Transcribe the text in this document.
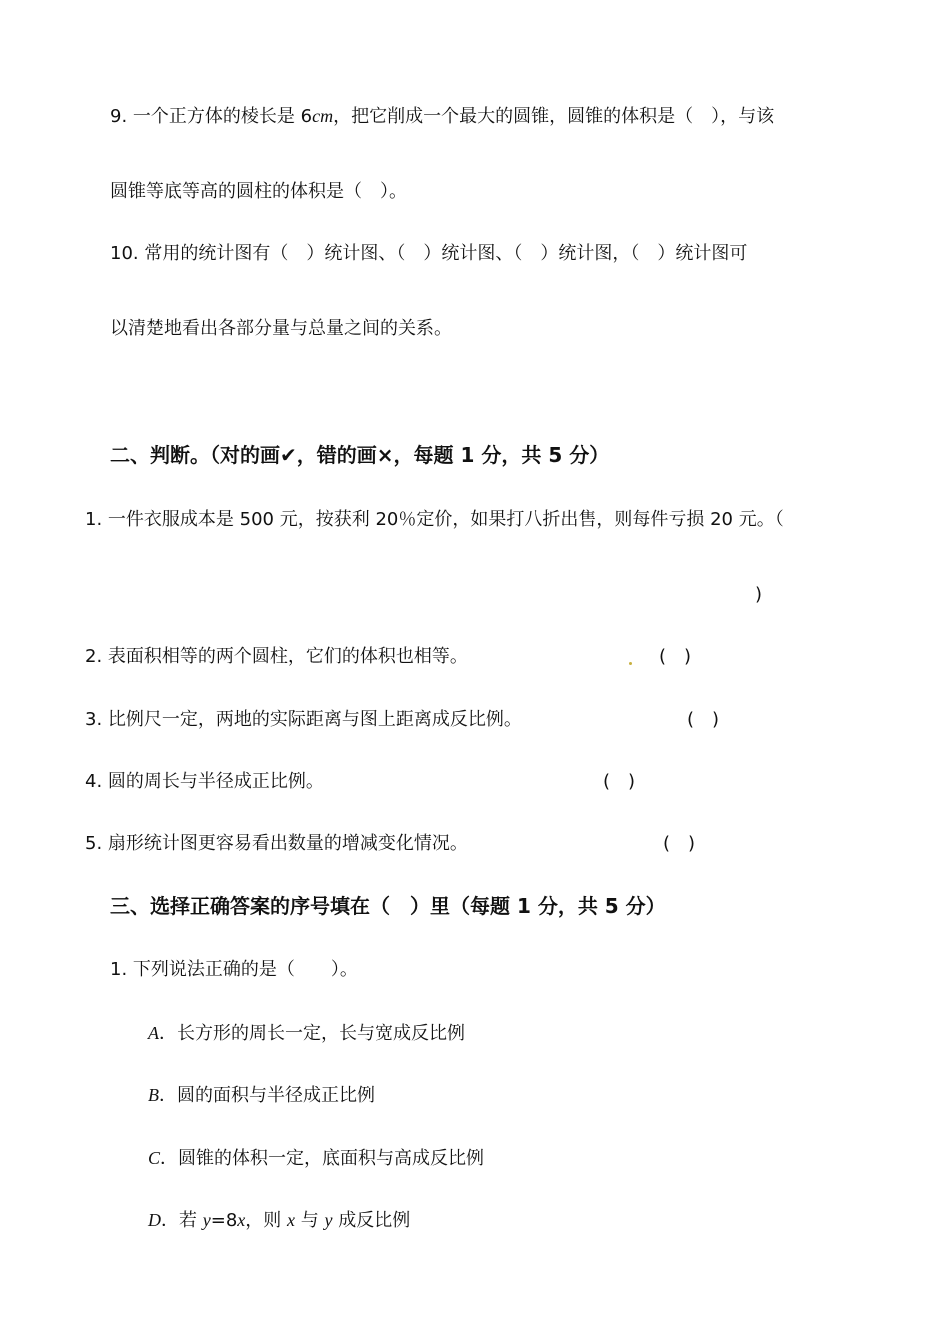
9. 一个正方体的棱长是 6cm，把它削成一个最大的圆锥，圆锥的体积是（　），与该
圆锥等底等高的圆柱的体积是（　）。
10. 常用的统计图有（　）统计图、（　）统计图、（　）统计图，（　）统计图可
以清楚地看出各部分量与总量之间的关系。
二、判断。（对的画✔，错的画×，每题 1 分，共 5 分）
1. 一件衣服成本是 500 元，按获利 20％定价，如果打八折出售，则每件亏损 20 元。（
)
2. 表面积相等的两个圆柱，它们的体积也相等。	(　)
3. 比例尺一定，两地的实际距离与图上距离成反比例。	(　)
4. 圆的周长与半径成正比例。	(　)
5. 扇形统计图更容易看出数量的增减变化情况。	(　)
三、选择正确答案的序号填在（　）里（每题 1 分，共 5 分）
1. 下列说法正确的是（　　）。
A．长方形的周长一定，长与宽成反比例
B．圆的面积与半径成正比例
C．圆锥的体积一定，底面积与高成反比例
D．若 y=8x，则 x 与 y 成反比例
